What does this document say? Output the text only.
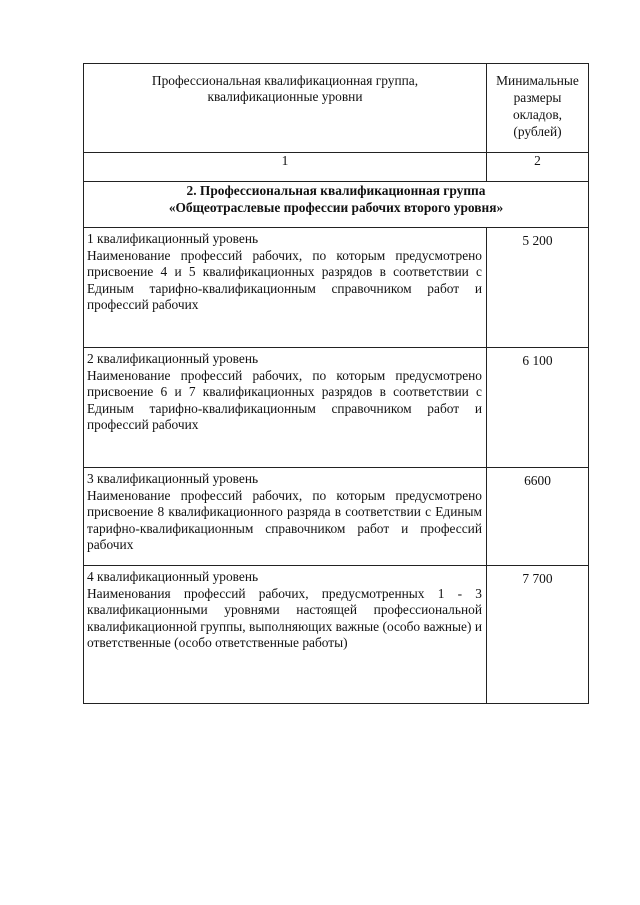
Профессиональная квалификационная группа, квалификационные уровни	Минимальные размеры окладов, (рублей)
1	2

2. Профессиональная квалификационная группа
«Общеотраслевые профессии рабочих второго уровня»	

1 квалификационный уровень
Наименование профессий рабочих, по которым предусмотрено присвоение 4 и 5 квалификационных разрядов в соответствии с Единым тарифно-квалификационным справочником работ и профессий рабочих	5 200

2 квалификационный уровень
Наименование профессий рабочих, по которым предусмотрено присвоение 6 и 7 квалификационных разрядов в соответствии с Единым тарифно-квалификационным справочником работ и профессий рабочих	6 100

3 квалификационный уровень
Наименование профессий рабочих, по которым предусмотрено присвоение 8 квалификационного разряда в соответствии с Единым тарифно-квалификационным справочником работ и профессий рабочих	6600

4 квалификационный уровень
Наименования профессий рабочих, предусмотренных 1 - 3 квалификационными уровнями настоящей профессиональной квалификационной группы, выполняющих важные (особо важные) и ответственные (особо ответственные работы)	7 700
